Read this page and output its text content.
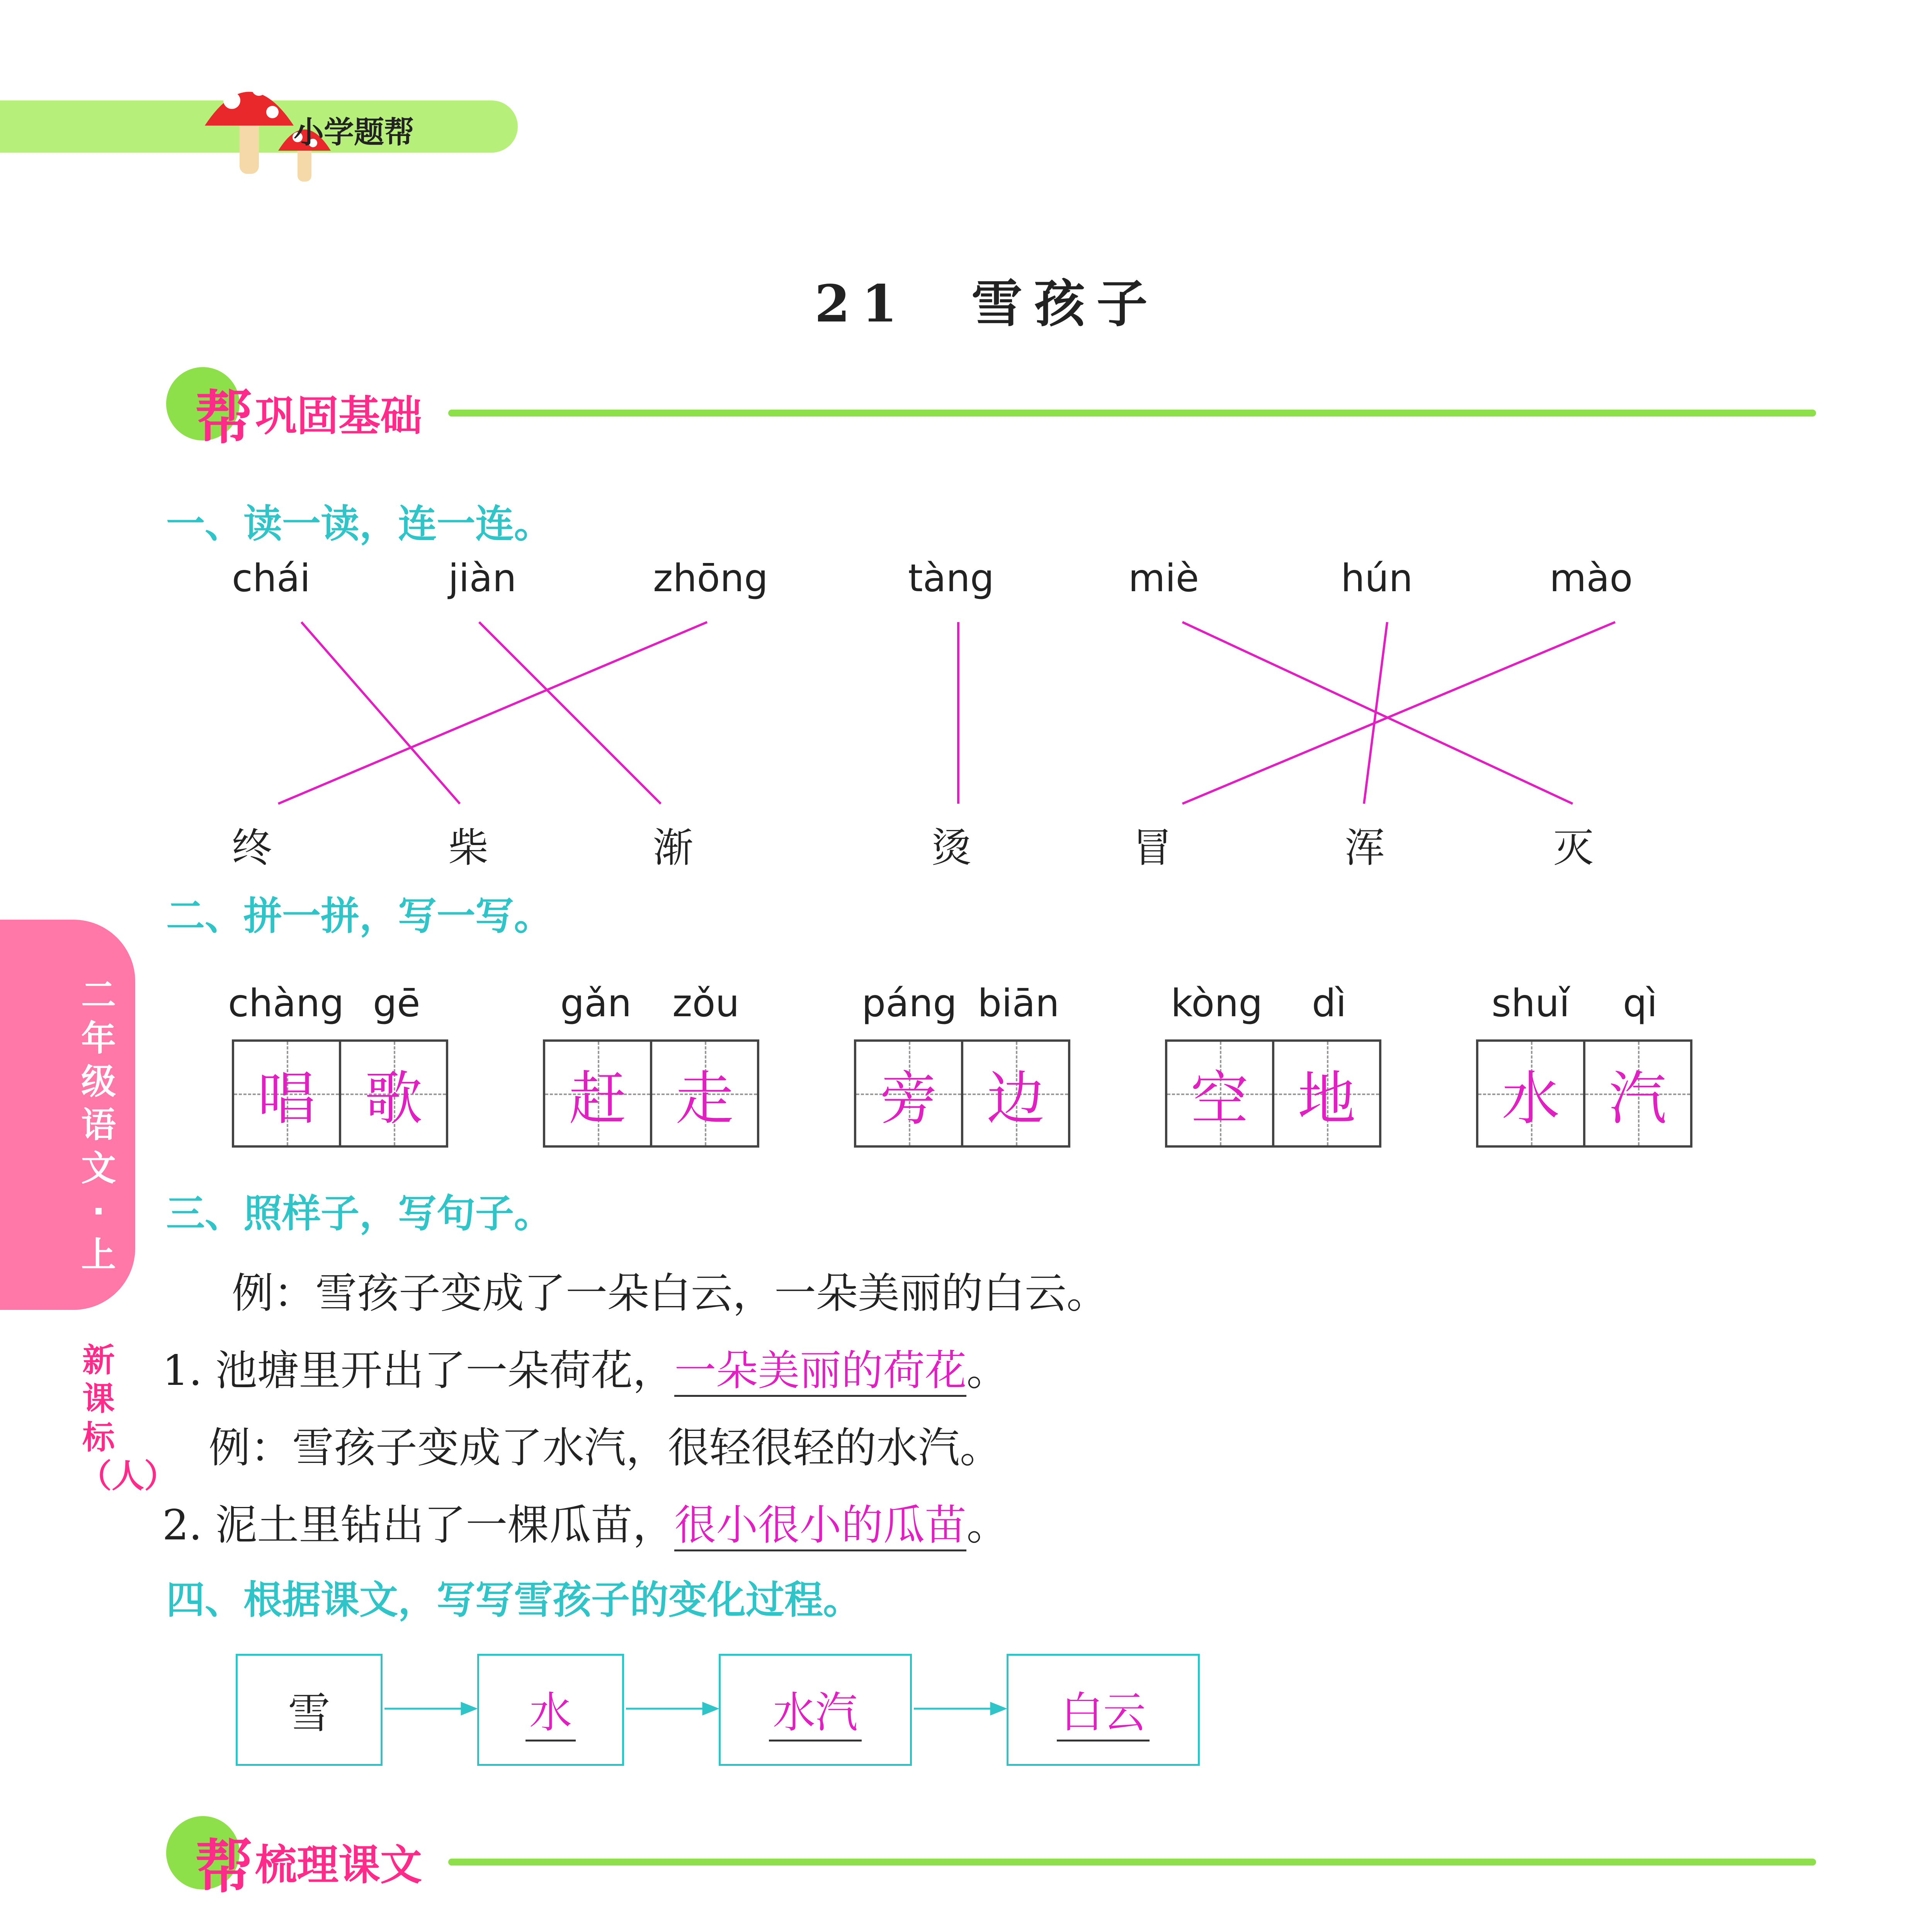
小学题帮
21　雪孩子
帮 巩固基础
一、读一读，连一连。
chái	jiàn	zhōng	tàng	miè	hún	mào
终	柴	渐	烫	冒	浑	灭
二、拼一拼，写一写。
chàng gē
唱 歌
gǎn zǒu
赶 走
páng biān
旁 边
kòng dì
空 地
shuǐ qì
水 汽
三、照样子，写句子。
例：雪孩子变成了一朵白云，一朵美丽的白云。
1. 池塘里开出了一朵荷花，一朵美丽的荷花。
例：雪孩子变成了水汽，很轻很轻的水汽。
2. 泥土里钻出了一棵瓜苗，很小很小的瓜苗。
四、根据课文，写写雪孩子的变化过程。
雪	水	水汽	白云
帮 梳理课文
二年级语文·上
新课标（人）
